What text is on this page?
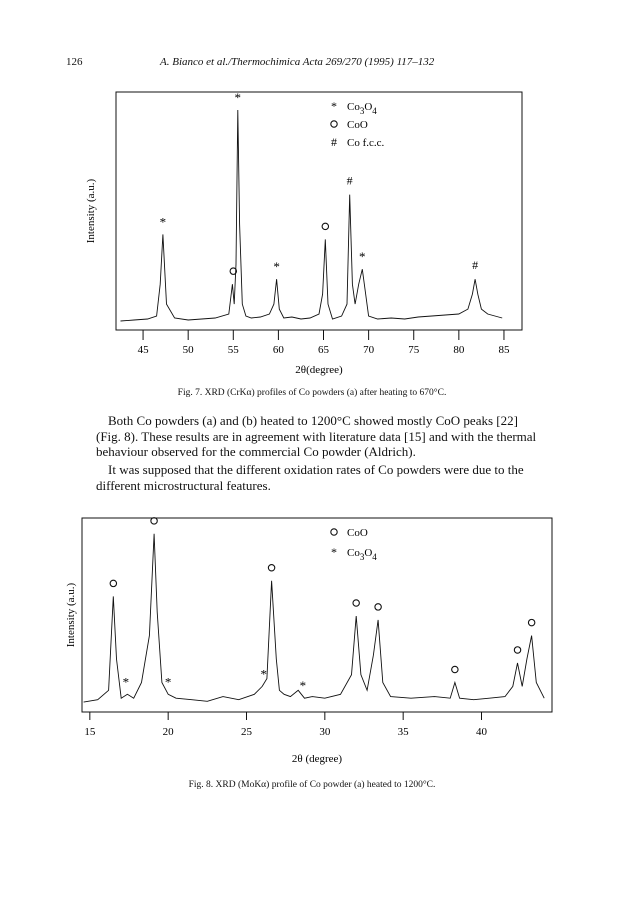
126	A. Bianco et al./Thermochimica Acta 269/270 (1995) 117–132
45	50	55	60	65	70	75	80	85
2θ(degree)
Intensity (a.u.)	*
*
*
#
*
#
* $Co_3O_4$
CoO
# Co f.c.c.
15	20	25	30	35	40
2θ (degree)
Intensity (a.u.)
*	*
*
*
CoO
* $Co_3O_4$
Fig. 7. XRD (CrKα) profiles of Co powders (a) after heating to 670°C.

Both Co powders (a) and (b) heated to 1200°C showed mostly CoO peaks [22]
(Fig. 8). These results are in agreement with literature data [15] and with the thermal
behaviour observed for the commercial Co powder (Aldrich).

It was supposed that the different oxidation rates of Co powders were due to the
different microstructural features.

Fig. 8. XRD (MoKα) profile of Co powder (a) heated to 1200°C.
